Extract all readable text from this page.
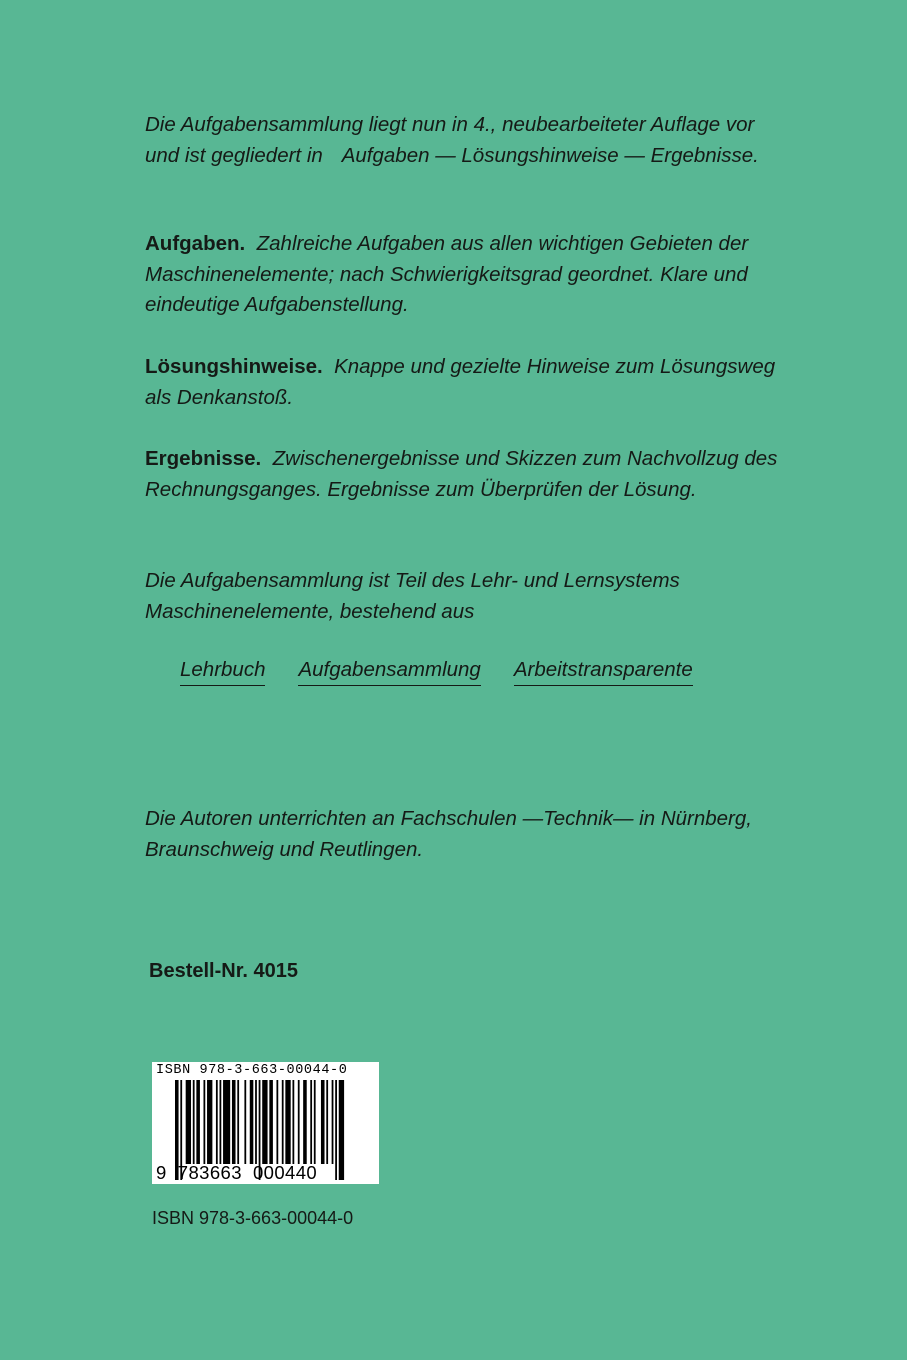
Die Aufgabensammlung liegt nun in 4., neubearbeiteter Auflage vor
und ist gegliedert in Aufgaben — Lösungshinweise — Ergebnisse.
Aufgaben. Zahlreiche Aufgaben aus allen wichtigen Gebieten der
Maschinenelemente; nach Schwierigkeitsgrad geordnet. Klare und
eindeutige Aufgabenstellung.
Lösungshinweise. Knappe und gezielte Hinweise zum Lösungsweg
als Denkanstoß.
Ergebnisse. Zwischenergebnisse und Skizzen zum Nachvollzug des
Rechnungsganges. Ergebnisse zum Überprüfen der Lösung.
Die Aufgabensammlung ist Teil des Lehr- und Lernsystems
Maschinenelemente, bestehend aus
Lehrbuch Aufgabensammlung Arbeitstransparente
Die Autoren unterrichten an Fachschulen —Technik— in Nürnberg,
Braunschweig und Reutlingen.
Bestell-Nr. 4015
ISBN 978-3-663-00044-0
9  783663  000440
ISBN 978-3-663-00044-0
